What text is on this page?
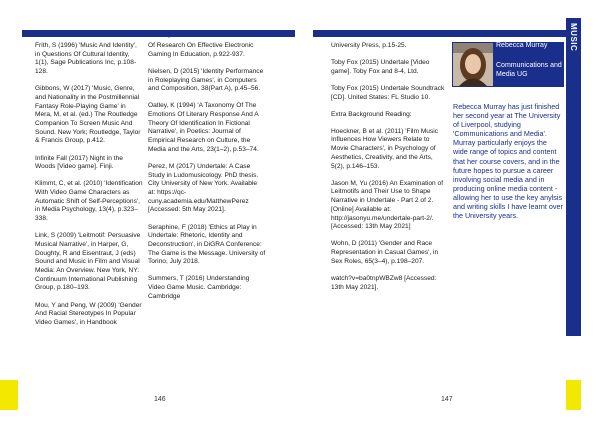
Rebecca Murray	Musi273	MUSIC

Frith, S (1996) 'Music And Identity', in Questions Of Cultural Identity, 1(1), Sage Publications Inc, p.108-128.

Gibbons, W (2017) 'Music, Genre, and Nationality in the Postmillennial Fantasy Role-Playing Game' in Mera, M, et al. (ed.) The Routledge Companion To Screen Music And Sound. New York; Routledge, Taylor & Francis Group, p.412.

Infinite Fall (2017) Night in the Woods [Video game]. Finji.

Klimmt, C, et al. (2010) 'Identification With Video Game Characters as Automatic Shift of Self-Perceptions', in Media Psychology, 13(4), p.323–338.

Link, S (2009) 'Leitmotif: Persuasive Musical Narrative', in Harper, G, Doughty, R and Eisentraut, J (eds) Sound and Music in Film and Visual Media: An Overview. New York, NY: Continuum International Publishing Group, p.180–193.

Mou, Y and Peng, W (2009) 'Gender And Racial Stereotypes In Popular Video Games', in Handbook

Of Research On Effective Electronic Gaming In Education, p.922-937.

Nielsen, D (2015) 'Identity Performance in Roleplaying Games', in Computers and Composition, 38(Part A), p.45–56.

Oatley, K (1994) 'A Taxonomy Of The Emotions Of Literary Response And A Theory Of Identification In Fictional Narrative', in Poetics: Journal of Empirical Research on Culture, the Media and the Arts, 23(1–2), p.53–74.

Perez, M (2017) Undertale: A Case Study in Ludomusicology. PhD thesis. City University of New York. Available at: https://qc-cuny.academia.edu/MatthewPerez [Accessed: 5th May 2021].

Seraphine, F (2018) 'Ethics at Play in Undertale: Rhetoric, Identity and Deconstruction', in DiGRA Conference: The Game is the Message. University of Torino, July 2018.

Summers, T (2016) Understanding Video Game Music. Cambridge: Cambridge

University Press, p.15-25.

Toby Fox (2015) Undertale [Video game]. Toby Fox and 8-4, Ltd.

Toby Fox (2015) Undertale Soundtrack [CD]. United States: FL Studio 10.

Extra Background Reading:

Hoeckner, B et al. (2011) 'Film Music Influences How Viewers Relate to Movie Characters', in Psychology of Aesthetics, Creativity, and the Arts, 5(2), p.146–153.

Jason M, Yu (2016) An Examination of Leitmotifs and Their Use to Shape Narrative in Undertale - Part 2 of 2. [Online] Available at: http://jasonyu.me/undertale-part-2/. [Accessed: 13th May 2021]

Wohn, D (2011) 'Gender and Race Representation in Casual Games', in Sex Roles, 65(3–4), p.198–207.

watch?v=ba0tnpWBZw8 [Accessed: 13th May 2021].

Rebecca Murray
Communications and Media UG
Rebecca Murray has just finished her second year at The University of Liverpool, studying 'Communications and Media'. Murray particularly enjoys the wide range of topics and content that her course covers, and in the future hopes to pursue a career involving social media and in producing online media content - allowing her to use the key anylsis and writing skills I have learnt over the University years.
146	147
